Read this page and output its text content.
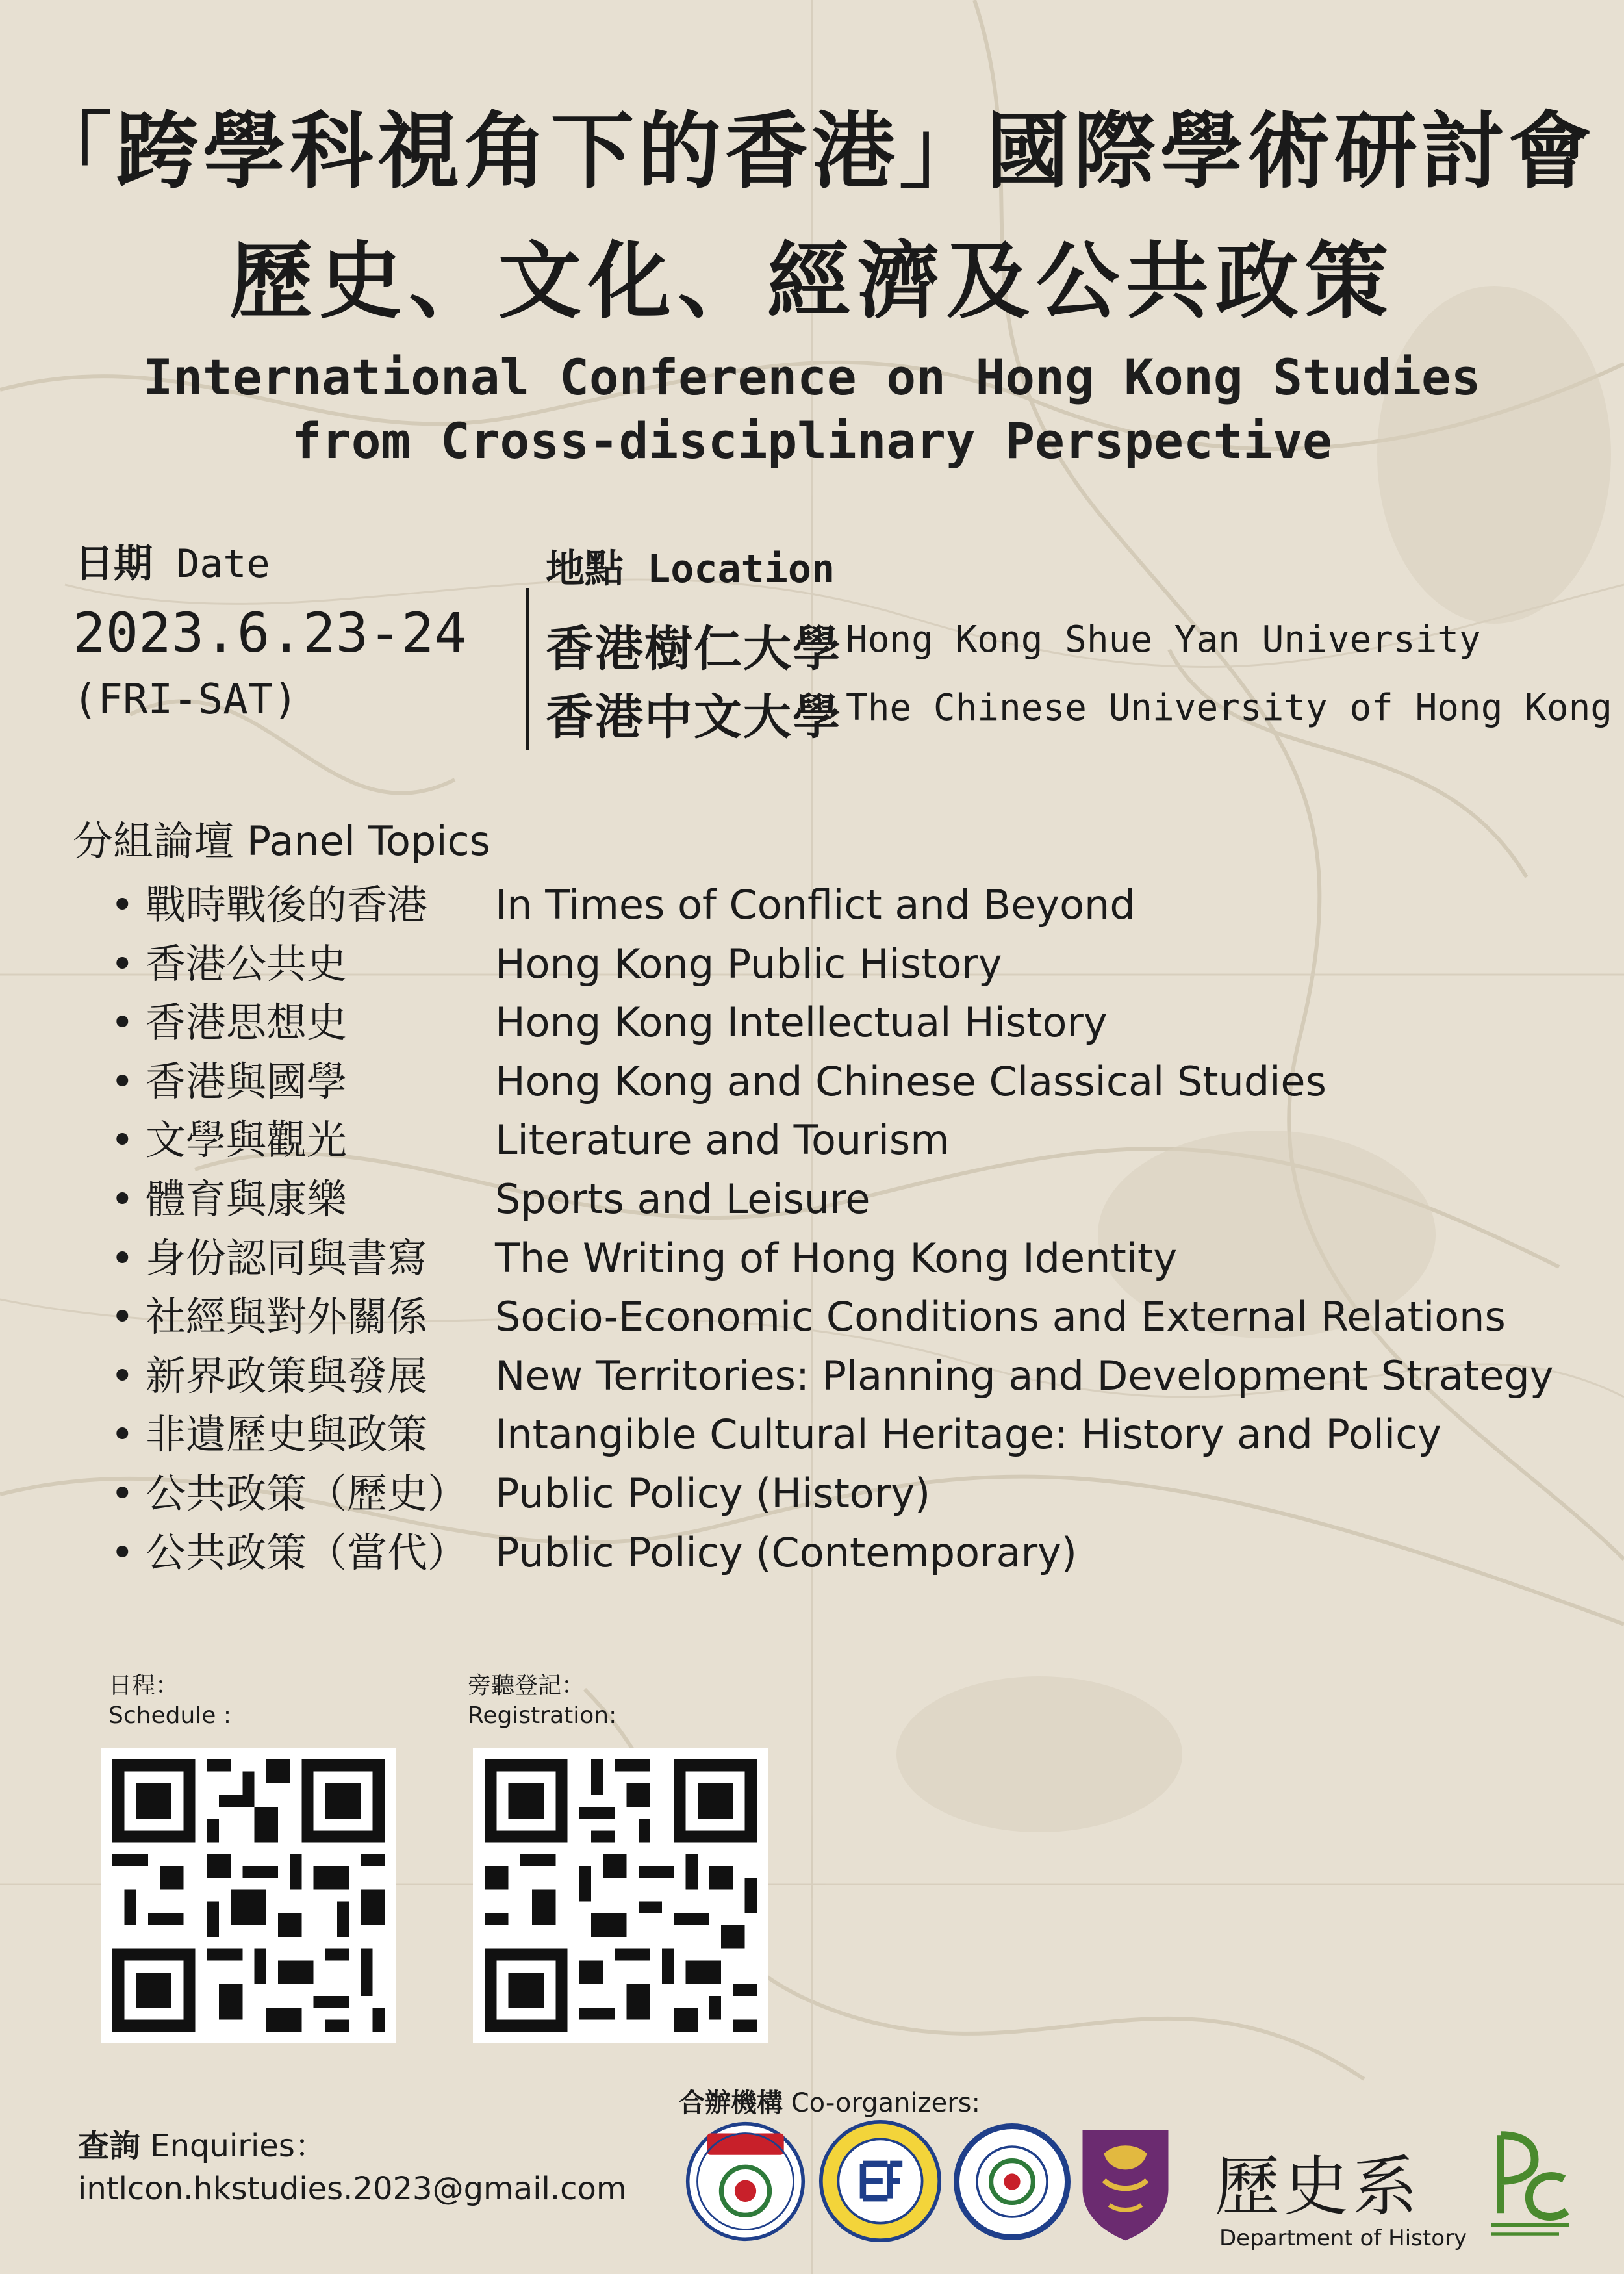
「跨學科視角下的香港」國際學術研討會
歷史、文化、經濟及公共政策
International Conference on Hong Kong Studies
from Cross-disciplinary Perspective
日期 Date
2023.6.23-24
(FRI-SAT)
地點 Location
香港樹仁大學 Hong Kong Shue Yan University
香港中文大學 The Chinese University of Hong Kong
分組論壇 Panel Topics
• 戰時戰後的香港 In Times of Conflict and Beyond
• 香港公共史	Hong Kong Public History
• 香港思想史	Hong Kong Intellectual History
• 香港與國學	Hong Kong and Chinese Classical Studies
• 文學與觀光	Literature and Tourism
• 體育與康樂	Sports and Leisure
• 身份認同與書寫 The Writing of Hong Kong Identity
• 社經與對外關係 Socio-Economic Conditions and External Relations
• 新界政策與發展 New Territories: Planning and Development Strategy
• 非遺歷史與政策 Intangible Cultural Heritage: History and Policy
• 公共政策（歷史） Public Policy (History)
• 公共政策（當代） Public Policy (Contemporary)
日程：
Schedule :
旁聽登記：
Registration:
查詢 Enquiries：
intlcon.hkstudies.2023@gmail.com
合辦機構 Co-organizers:
歷史系
Department of History
